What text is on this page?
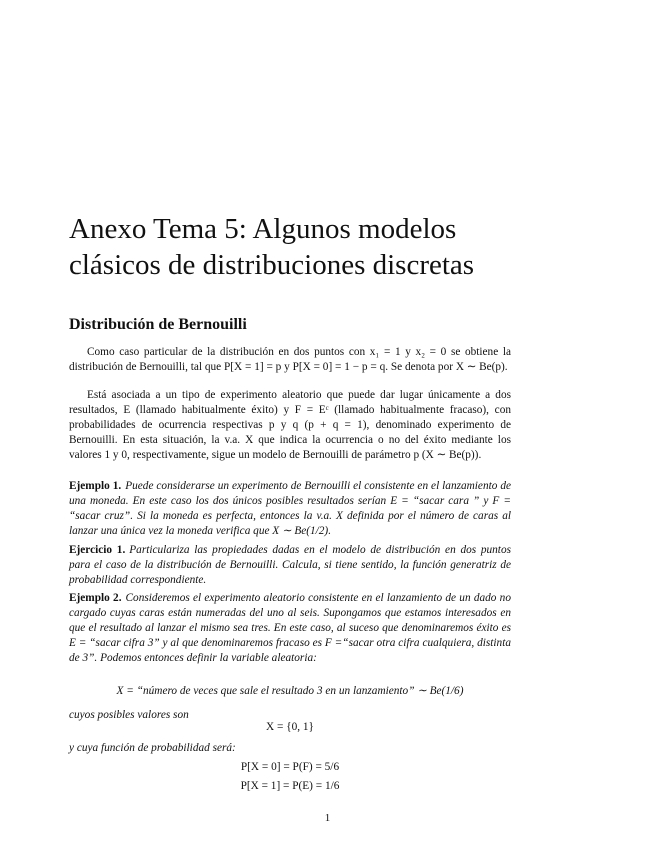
Anexo Tema 5: Algunos modelos
clásicos de distribuciones discretas
Distribución de Bernouilli
Como caso particular de la distribución en dos puntos con x₁ = 1 y x₂ = 0 se obtiene la distribución de Bernouilli, tal que P[X = 1] = p y P[X = 0] = 1 − p = q. Se denota por X ∼ Be(p).
Está asociada a un tipo de experimento aleatorio que puede dar lugar únicamente a dos resultados, E (llamado habitualmente éxito) y F = Eᶜ (llamado habitualmente fracaso), con probabilidades de ocurrencia respectivas p y q (p + q = 1), denominado experimento de Bernouilli. En esta situación, la v.a. X que indica la ocurrencia o no del éxito mediante los valores 1 y 0, respectivamente, sigue un modelo de Bernouilli de parámetro p (X ∼ Be(p)).
Ejemplo 1. Puede considerarse un experimento de Bernouilli el consistente en el lanzamiento de una moneda. En este caso los dos únicos posibles resultados serían E = “sacar cara ” y F = “sacar cruz”. Si la moneda es perfecta, entonces la v.a. X definida por el número de caras al lanzar una única vez la moneda verifica que X ∼ Be(1/2).
Ejercicio 1. Particulariza las propiedades dadas en el modelo de distribución en dos puntos para el caso de la distribución de Bernouilli. Calcula, si tiene sentido, la función generatriz de probabilidad correspondiente.
Ejemplo 2. Consideremos el experimento aleatorio consistente en el lanzamiento de un dado no cargado cuyas caras están numeradas del uno al seis. Supongamos que estamos interesados en que el resultado al lanzar el mismo sea tres. En este caso, al suceso que denominaremos éxito es E = “sacar cifra 3” y al que denominaremos fracaso es F =“sacar otra cifra cualquiera, distinta de 3”. Podemos entonces definir la variable aleatoria:
X = “número de veces que sale el resultado 3 en un lanzamiento” ∼ Be(1/6)
cuyos posibles valores son
X = {0, 1}
y cuya función de probabilidad será:
P[X = 0] = P(F) = 5/6
P[X = 1] = P(E) = 1/6
1
